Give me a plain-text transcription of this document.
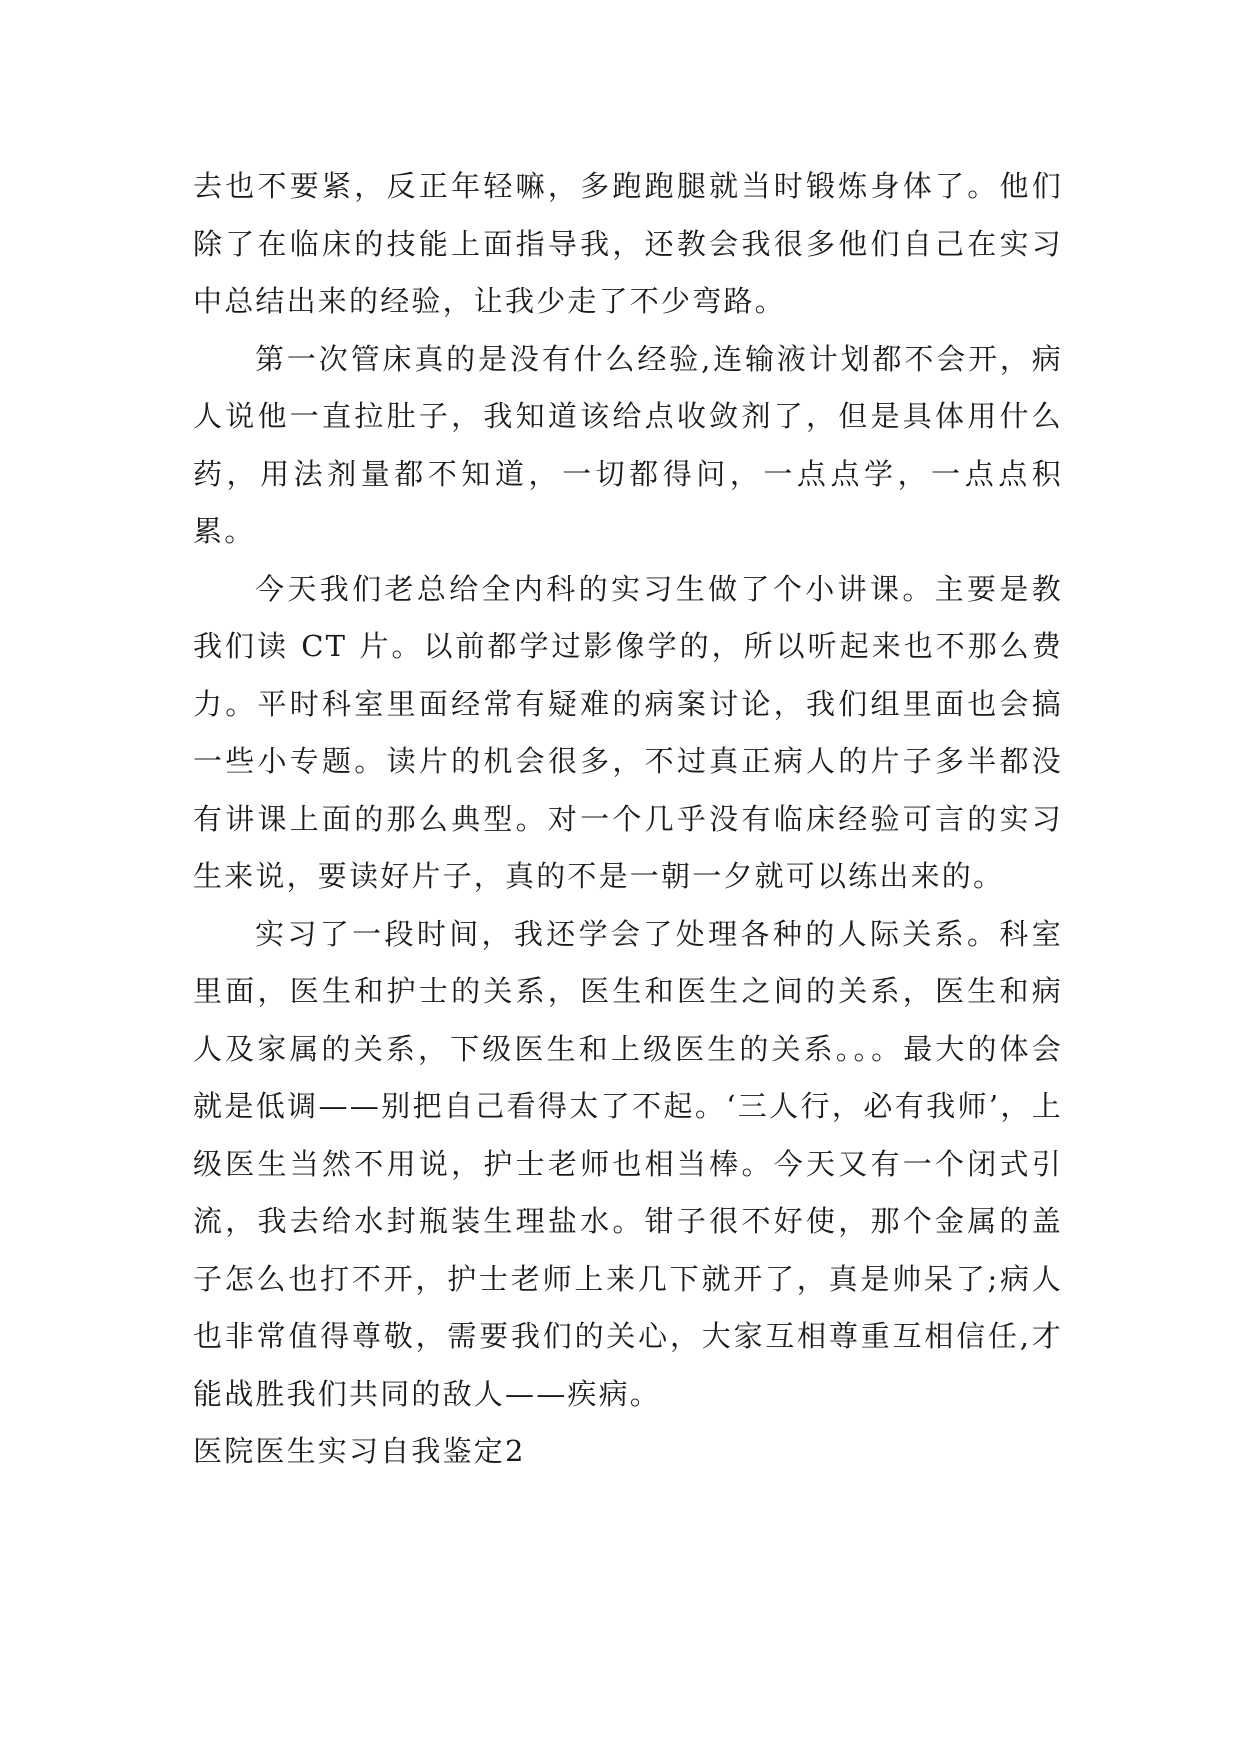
去也不要紧，反正年轻嘛，多跑跑腿就当时锻炼身体了。他们除了在临床的技能上面指导我，还教会我很多他们自己在实习中总结出来的经验，让我少走了不少弯路。

第一次管床真的是没有什么经验,连输液计划都不会开，病人说他一直拉肚子，我知道该给点收敛剂了，但是具体用什么药，用法剂量都不知道，一切都得问，一点点学，一点点积累。

今天我们老总给全内科的实习生做了个小讲课。主要是教我们读 CT 片。以前都学过影像学的，所以听起来也不那么费力。平时科室里面经常有疑难的病案讨论，我们组里面也会搞一些小专题。读片的机会很多，不过真正病人的片子多半都没有讲课上面的那么典型。对一个几乎没有临床经验可言的实习生来说，要读好片子，真的不是一朝一夕就可以练出来的。

实习了一段时间，我还学会了处理各种的人际关系。科室里面，医生和护士的关系，医生和医生之间的关系，医生和病人及家属的关系，下级医生和上级医生的关系。。。最大的体会就是低调——别把自己看得太了不起。‘三人行，必有我师’，上级医生当然不用说，护士老师也相当棒。今天又有一个闭式引流，我去给水封瓶装生理盐水。钳子很不好使，那个金属的盖子怎么也打不开，护士老师上来几下就开了，真是帅呆了;病人也非常值得尊敬，需要我们的关心，大家互相尊重互相信任,才能战胜我们共同的敌人——疾病。

医院医生实习自我鉴定2
